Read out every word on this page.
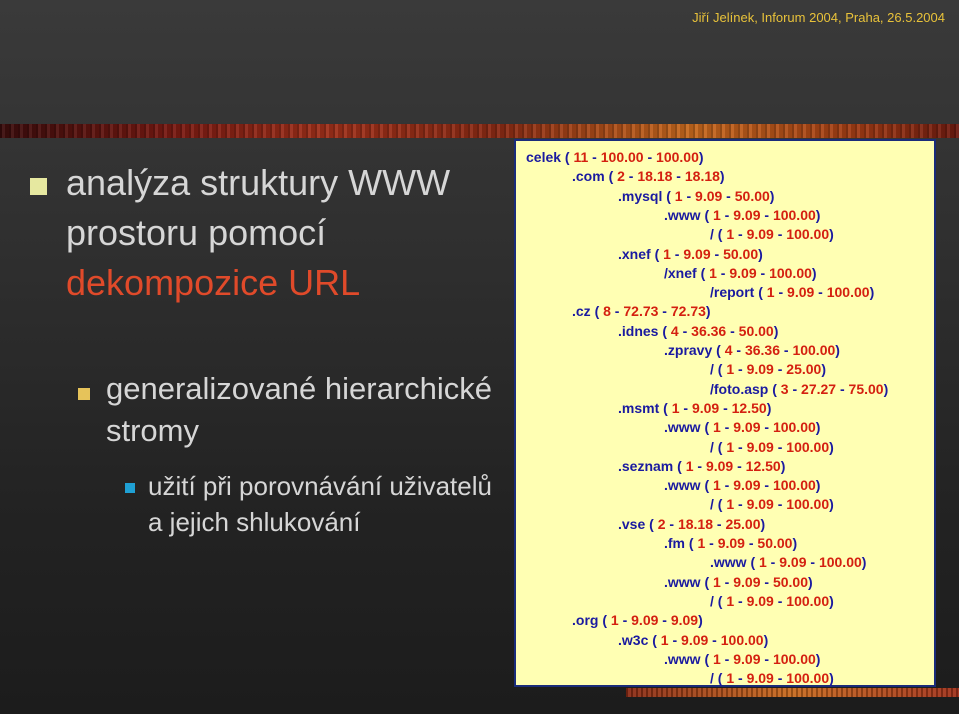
Jiří Jelínek, Inforum 2004, Praha, 26.5.2004
analýza struktury WWW prostoru pomocí dekompozice URL
generalizované hierarchické stromy
užití při porovnávání uživatelů a jejich shlukování
celek ( 11 - 100.00 - 100.00)
.com ( 2 - 18.18 - 18.18)
.mysql ( 1 - 9.09 - 50.00)
.www ( 1 - 9.09 - 100.00)
/ ( 1 - 9.09 - 100.00)
.xnef ( 1 - 9.09 - 50.00)
/xnef ( 1 - 9.09 - 100.00)
/report ( 1 - 9.09 - 100.00)
.cz ( 8 - 72.73 - 72.73)
.idnes ( 4 - 36.36 - 50.00)
.zpravy ( 4 - 36.36 - 100.00)
/ ( 1 - 9.09 - 25.00)
/foto.asp ( 3 - 27.27 - 75.00)
.msmt ( 1 - 9.09 - 12.50)
.www ( 1 - 9.09 - 100.00)
/ ( 1 - 9.09 - 100.00)
.seznam ( 1 - 9.09 - 12.50)
.www ( 1 - 9.09 - 100.00)
/ ( 1 - 9.09 - 100.00)
.vse ( 2 - 18.18 - 25.00)
.fm ( 1 - 9.09 - 50.00)
.www ( 1 - 9.09 - 100.00)
.www ( 1 - 9.09 - 50.00)
/ ( 1 - 9.09 - 100.00)
.org ( 1 - 9.09 - 9.09)
.w3c ( 1 - 9.09 - 100.00)
.www ( 1 - 9.09 - 100.00)
/ ( 1 - 9.09 - 100.00)
